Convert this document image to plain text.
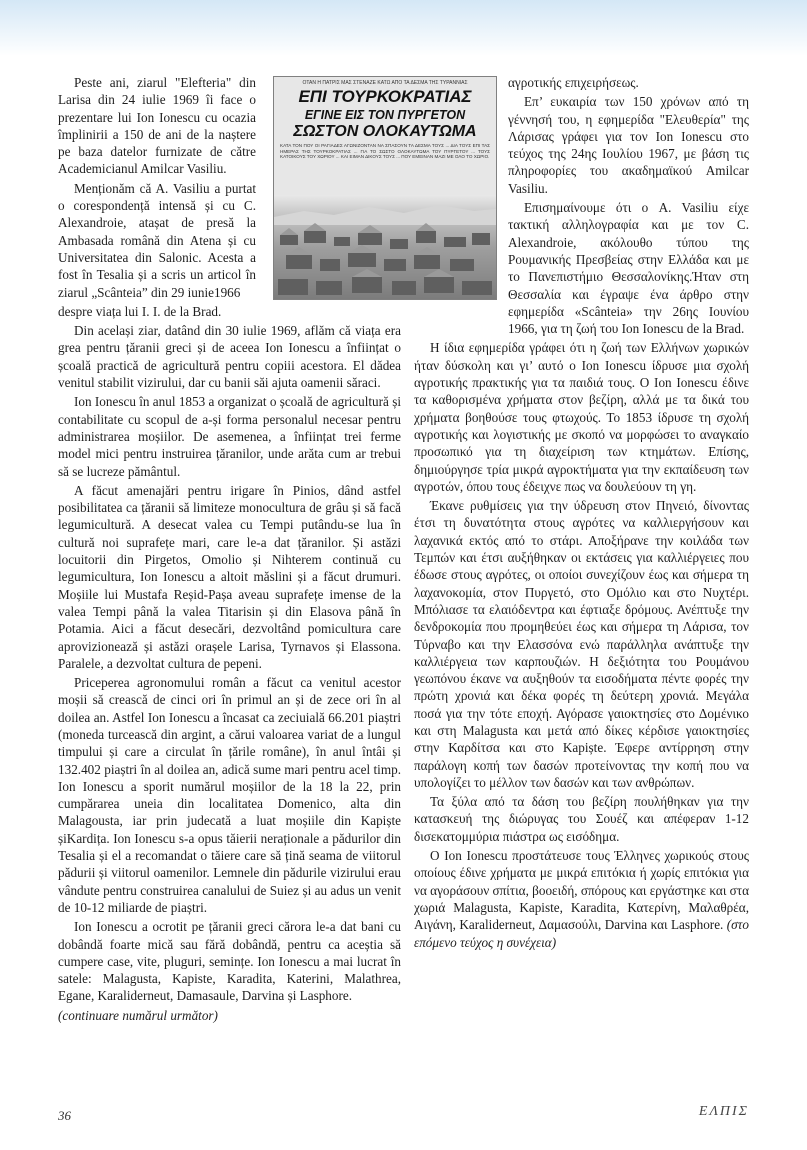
Peste ani, ziarul "Elefteria" din Larisa din 24 iulie 1969 îi face o prezentare lui Ion Ionescu cu ocazia împlinirii a 150 de ani de la naștere pe baza datelor furnizate de către Academicianul Amilcar Vasiliu.

Menționăm că A. Vasiliu a purtat o corespondență intensă și cu C. Alexandroie, atașat de presă la Ambasada română din Atena și cu Universitatea din Salonic. Acesta a fost în Tesalia și a scris un articol în ziarul „Scânteia” din 29 iunie1966

despre viața lui I. I. de la Brad.

Din același ziar, datând din 30 iulie 1969, aflăm că viața era grea pentru țăranii greci și de aceea Ion Ionescu a înființat o școală practică de agricultură pentru copiii acestora. El dădea venitul stabilit vizirului, dar cu banii săi ajuta oamenii săraci.

Ion Ionescu în anul 1853 a organizat o școală de agricultură și contabilitate cu scopul de a-și forma personalul necesar pentru administrarea moșiilor. De asemenea, a înființat trei ferme model mici pentru instruirea țăranilor, unde arăta cum ar trebui să se lucreze pământul.

A făcut amenajări pentru irigare în Pinios, dând astfel posibilitatea ca țăranii să limiteze monocultura de grâu și să facă legumicultură. A desecat valea cu Tempi putându-se lua în cultură noi suprafețe mari, care le-a dat țăranilor. Și astăzi locuitorii din Pirgetos, Omolio și Nihterem continuă cu legumicultura, Ion Ionescu a altoit măslini și a făcut drumuri. Moșiile lui Mustafa Reșid-Pașa aveau suprafețe imense de la valea Tempi până la valea Titarisin și din Elasova până în Potamia. Aici a făcut desecări, dezvoltând pomicultura care aprovizionează și astăzi orașele Larisa, Tyrnavos și Elassona. Paralele, a dezvoltat cultura de pepeni.

Priceperea agronomului român a făcut ca venitul acestor moșii să crească de cinci ori în primul an și de zece ori în al doilea an. Astfel Ion Ionescu a încasat ca zeciuială 66.201 piaștri (moneda turcească din argint, a cărui valoarea variat de a lungul timpului și care a circulat în țările române), în anul întâi și 132.402 piaștri în al doilea an, adică sume mari pentru acel timp. Ion Ionescu a sporit numărul moșiilor de la 18 la 22, prin cumpărarea uneia din localitatea Domenico, alta din Malagousta, iar prin judecată a luat moșiile din Kapiște șiKardița. Ion Ionescu s-a opus tăierii neraționale a pădurilor din Tesalia și el a recomandat o tăiere care să țină seama de viitorul pădurii și viitorul oamenilor. Lemnele din pădurile vizirului erau vândute pentru construirea canalului de Suiez și au adus un venit de 10-12 miliarde de piaștri.

Ion Ionescu a ocrotit pe țăranii greci cărora le-a dat bani cu dobândă foarte mică sau fără dobândă, pentru ca aceștia să cumpere case, vite, pluguri, semințe. Ion Ionescu a mai lucrat în satele: Malagusta, Kapiste, Karadita, Katerini, Malathrea, Egane, Karaliderneut, Damasaule, Darvina și Lasphore.

(continuare numărul următor)

ΟΤΑΝ Η ΠΑΤΡΙΣ ΜΑΣ ΣΤΕΝΑΖΕ ΚΑΤΩ ΑΠΟ ΤΑ ΔΕΣΜΑ ΤΗΣ ΤΥΡΑΝΝΙΑΣ
ΕΠΙ ΤΟΥΡΚΟΚΡΑΤΙΑΣ
ΕΓΙΝΕ ΕΙΣ ΤΟΝ ΠΥΡΓΕΤΟΝ
ΣΩΣΤΟΝ ΟΛΟΚΑΥΤΩΜΑ
ΚΑΤΑ ΤΟΝ ΠΟΥ ΟΙ ΡΑΓΙΑΔΕΣ ΑΓΩΝΙΖΟΝΤΑΝ ΝΑ ΣΠΑΣΟΥΝ ΤΑ ΔΕΣΜΑ ΤΟΥΣ ... ΔΙΑ ΤΟΥΣ ΕΠΙ ΤΑΣ ΗΜΕΡΑΣ ΤΗΣ ΤΟΥΡΚΟΚΡΑΤΙΑΣ ... ΓΙΑ ΤΟ ΣΩΣΤΟ ΟΛΟΚΑΥΤΩΜΑ ΤΟΥ ΠΥΡΓΕΤΟΥ ... ΤΟΥΣ ΚΑΤΟΙΚΟΥΣ ΤΟΥ ΧΩΡΙΟΥ ... ΚΑΙ ΕΙΜΑΝ ΔΙΚΟΥΣ ΤΟΥΣ ... ΠΟΥ ΕΜΕΙΝΑΝ ΜΑΖΙ ΜΕ ΟΛΟ ΤΟ ΧΩΡΙΟ.

αγροτικής επιχειρήσεως.

Επ’ ευκαιρία των 150 χρόνων από τη γέννησή του, η εφημερίδα "Ελευθερία" της Λάρισας γράφει για τον Ion Ionescu στο τεύχος της 24ης Ιουλίου 1967, με βάση τις πληροφορίες του ακαδημαϊκού Amilcar Vasiliu.

Επισημαίνουμε ότι ο A. Vasiliu είχε τακτική αλληλογραφία και με τον C. Alexandroie, ακόλουθο τύπου της Ρουμανικής Πρεσβείας στην Ελλάδα και με το Πανεπιστήμιο Θεσσαλονίκης.Ήταν στη Θεσσαλία και έγραψε ένα άρθρο στην εφημερίδα «Scânteia» την 26ης Ιουνίου 1966, για τη ζωή του Ion Ionescu de la Brad.

Η ίδια εφημερίδα γράφει ότι η ζωή των Ελλήνων χωρικών ήταν δύσκολη και γι’ αυτό ο Ion Ionescu ίδρυσε μια σχολή αγροτικής πρακτικής για τα παιδιά τους. Ο Ion Ionescu έδινε τα καθορισμένα χρήματα στον βεζίρη, αλλά με τα δικά του χρήματα βοηθούσε τους φτωχούς. Το 1853 ίδρυσε τη σχολή αγροτικής και λογιστικής με σκοπό να μορφώσει το αναγκαίο προσωπικό για τη διαχείριση των κτημάτων. Επίσης, δημιούργησε τρία μικρά αγροκτήματα για την εκπαίδευση των αγροτών, όπου τους έδειχνε πως να δουλεύουν τη γη.

Έκανε ρυθμίσεις για την ύδρευση στον Πηνειό, δίνοντας έτσι τη δυνατότητα στους αγρότες να καλλιεργήσουν και λαχανικά εκτός από το στάρι. Αποξήρανε την κοιλάδα των Τεμπών και έτσι αυξήθηκαν οι εκτάσεις για καλλιέργειες που έδωσε στους αγρότες, οι οποίοι συνεχίζουν έως και σήμερα τη λαχανοκομία, στον Πυργετό, στο Ομόλιο και στο Νυχτέρι. Μπόλιασε τα ελαιόδεντρα και έφτιαξε δρόμους. Ανέπτυξε την δενδροκομία που προμηθεύει έως και σήμερα τη Λάρισα, τον Τύρναβο και την Ελασσόνα ενώ παράλληλα ανάπτυξε την καλλιέργεια των καρπουζιών. Η δεξιότητα του Ρουμάνου γεωπόνου έκανε να αυξηθούν τα εισοδήματα πέντε φορές την πρώτη χρονιά και δέκα φορές τη δεύτερη χρονιά. Μεγάλα ποσά για την τότε εποχή. Αγόρασε γαιοκτησίες στο Δομένικο και στη Malagusta και μετά από δίκες κέρδισε γαιοκτησίες στην Καρδίτσα και στο Kapiște. Έφερε αντίρρηση στην παράλογη κοπή των δασών προτείνοντας την κοπή που να υπολογίζει το μέλλον των δασών και των ανθρώπων.

Τα ξύλα από τα δάση του βεζίρη πουλήθηκαν για την κατασκευή της διώρυγας του Σουέζ και απέφεραν 1-12 δισεκατομμύρια πιάστρα ως εισόδημα.

Ο Ion Ionescu προστάτευσε τους Έλληνες χωρικούς στους οποίους έδινε χρήματα με μικρά επιτόκια ή χωρίς επιτόκια για να αγοράσουν σπίτια, βοοειδή, σπόρους και εργάστηκε και στα χωριά Malagusta, Kapiste, Karadita, Κατερίνη, Μαλαθρέα, Αιγάνη, Karaliderneut, Δαμασούλι, Darvina και Lasphore. (στο επόμενο τεύχος η συνέχεια)

36	ΕΛΠΙΣ
